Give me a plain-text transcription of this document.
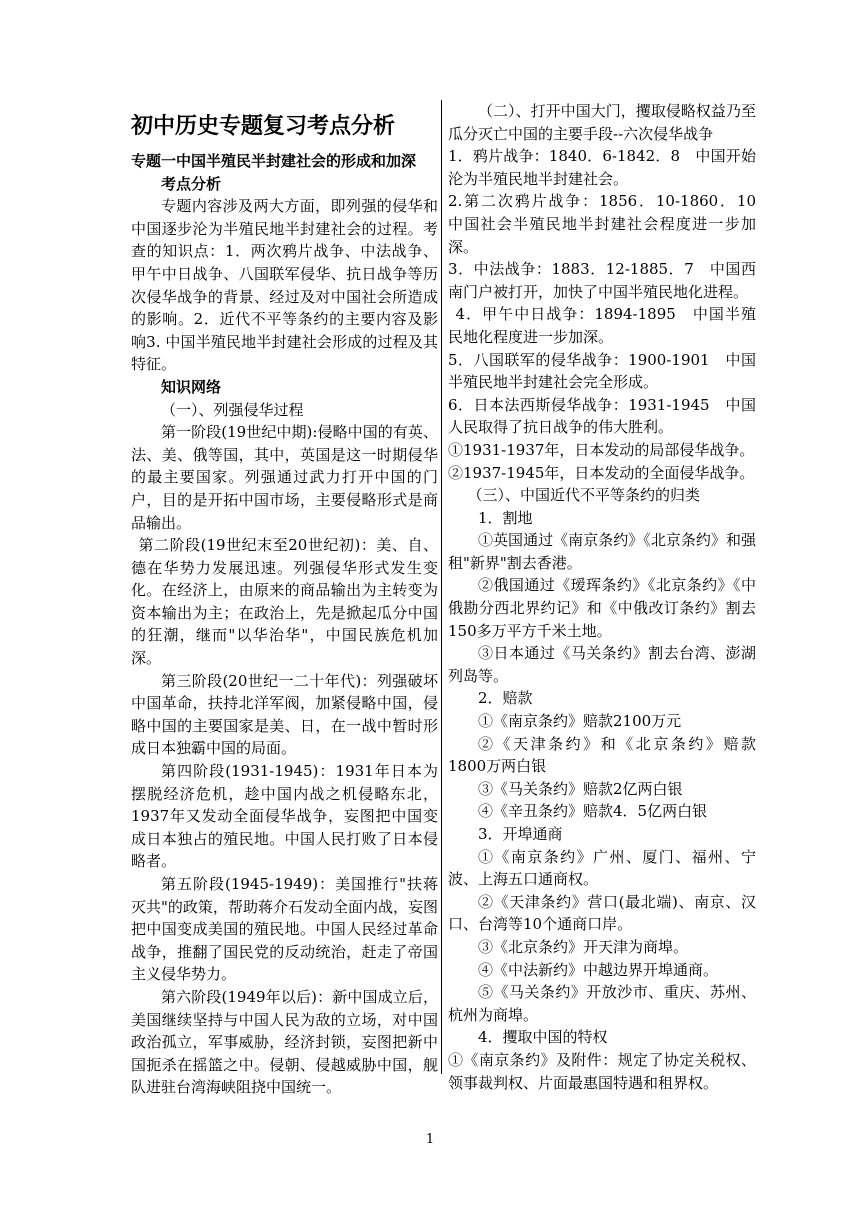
初中历史专题复习考点分析

专题一中国半殖民半封建社会的形成和加深

考点分析

专题内容涉及两大方面，即列强的侵华和中国逐步沦为半殖民地半封建社会的过程。考查的知识点：1．两次鸦片战争、中法战争、甲午中日战争、八国联军侵华、抗日战争等历次侵华战争的背景、经过及对中国社会所造成的影响。2．近代不平等条约的主要内容及影响3. 中国半殖民地半封建社会形成的过程及其特征。

知识网络

（一）、列强侵华过程

第一阶段(19世纪中期):侵略中国的有英、法、美、俄等国，其中，英国是这一时期侵华的最主要国家。列强通过武力打开中国的门户，目的是开拓中国市场，主要侵略形式是商品输出。

第二阶段(19世纪末至20世纪初)：美、自、德在华势力发展迅速。列强侵华形式发生变化。在经济上，由原来的商品输出为主转变为资本输出为主；在政治上，先是掀起瓜分中国的狂潮，继而"以华治华"，中国民族危机加深。

第三阶段(20世纪一二十年代)：列强破坏中国革命，扶持北洋军阀，加紧侵略中国，侵略中国的主要国家是美、日，在一战中暂时形成日本独霸中国的局面。

第四阶段(1931-1945)：1931年日本为摆脱经济危机，趁中国内战之机侵略东北，1937年又发动全面侵华战争，妄图把中国变成日本独占的殖民地。中国人民打败了日本侵略者。

第五阶段(1945-1949)：美国推行"扶蒋灭共"的政策，帮助蒋介石发动全面内战，妄图把中国变成美国的殖民地。中国人民经过革命战争，推翻了国民党的反动统治，赶走了帝国主义侵华势力。

第六阶段(1949年以后)：新中国成立后，美国继续坚持与中国人民为敌的立场，对中国政治孤立，军事威胁，经济封锁，妄图把新中国扼杀在摇篮之中。侵朝、侵越威胁中国，舰队进驻台湾海峡阻挠中国统一。

（二）、打开中国大门，攫取侵略权益乃至瓜分灭亡中国的主要手段--六次侵华战争

1．鸦片战争：1840．6-1842．8　中国开始沦为半殖民地半封建社会。

2.第二次鸦片战争：1856．10-1860．10　中国社会半殖民地半封建社会程度进一步加深。

3．中法战争：1883．12-1885．7　中国西南门户被打开，加快了中国半殖民地化进程。

4．甲午中日战争：1894-1895　中国半殖民地化程度进一步加深。

5．八国联军的侵华战争：1900-1901　中国半殖民地半封建社会完全形成。

6．日本法西斯侵华战争：1931-1945　中国人民取得了抗日战争的伟大胜利。

①1931-1937年，日本发动的局部侵华战争。

②1937-1945年，日本发动的全面侵华战争。

（三）、中国近代不平等条约的归类

1．割地

①英国通过《南京条约》《北京条约》和强租"新界"割去香港。

②俄国通过《瑷珲条约》《北京条约》《中俄勘分西北界约记》和《中俄改订条约》割去150多万平方千米土地。

③日本通过《马关条约》割去台湾、澎湖列岛等。

2．赔款

①《南京条约》赔款2100万元

②《天津条约》和《北京条约》赔款1800万两白银

③《马关条约》赔款2亿两白银

④《辛丑条约》赔款4．5亿两白银

3．开埠通商

①《南京条约》广州、厦门、福州、宁波、上海五口通商权。

②《天津条约》营口(最北端)、南京、汉口、台湾等10个通商口岸。

③《北京条约》开天津为商埠。

④《中法新约》中越边界开埠通商。

⑤《马关条约》开放沙市、重庆、苏州、杭州为商埠。

4．攫取中国的特权

①《南京条约》及附件：规定了协定关税权、领事裁判权、片面最惠国特遇和租界权。

1
